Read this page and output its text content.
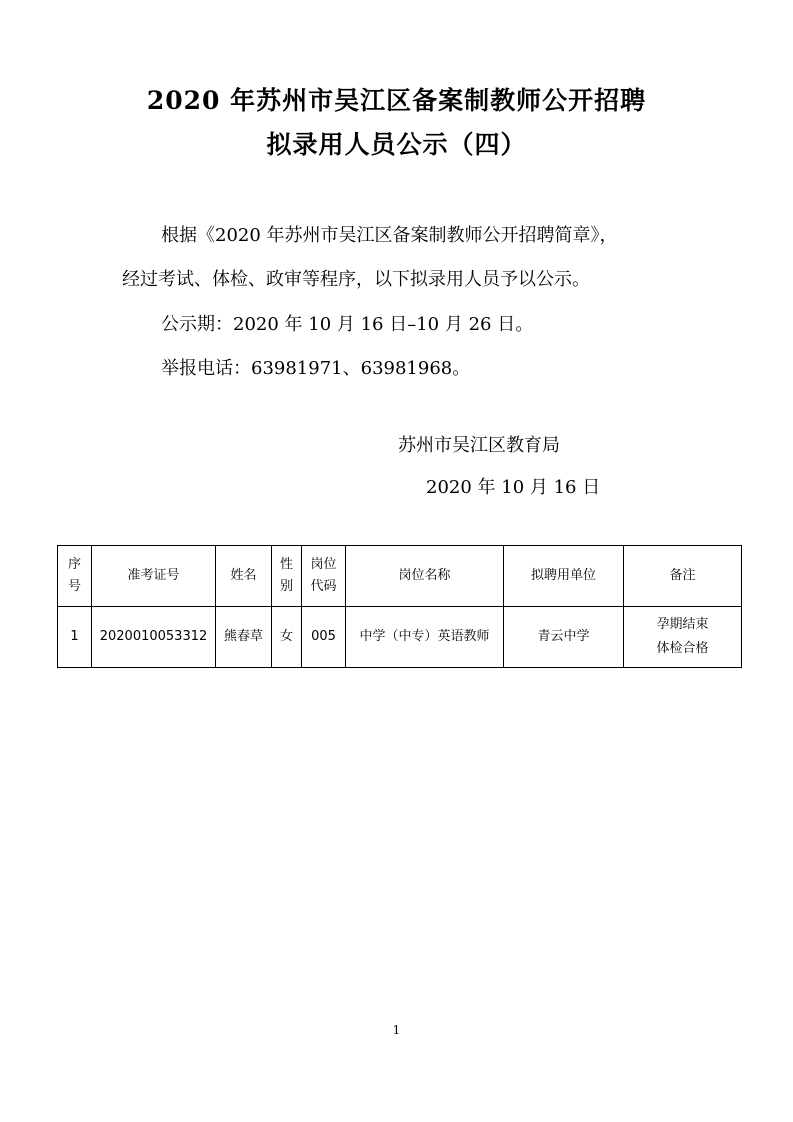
2020 年苏州市吴江区备案制教师公开招聘
拟录用人员公示（四）
根据《2020 年苏州市吴江区备案制教师公开招聘简章》，
经过考试、体检、政审等程序，以下拟录用人员予以公示。
公示期：2020 年 10 月 16 日–10 月 26 日。
举报电话：63981971、63981968。
苏州市吴江区教育局
2020 年 10 月 16 日
序号	准考证号	姓名	性别	岗位代码	岗位名称	拟聘用单位	备注
1	2020010053312	熊春草	女	005	中学（中专）英语教师	青云中学	孕期结束
体检合格
1
